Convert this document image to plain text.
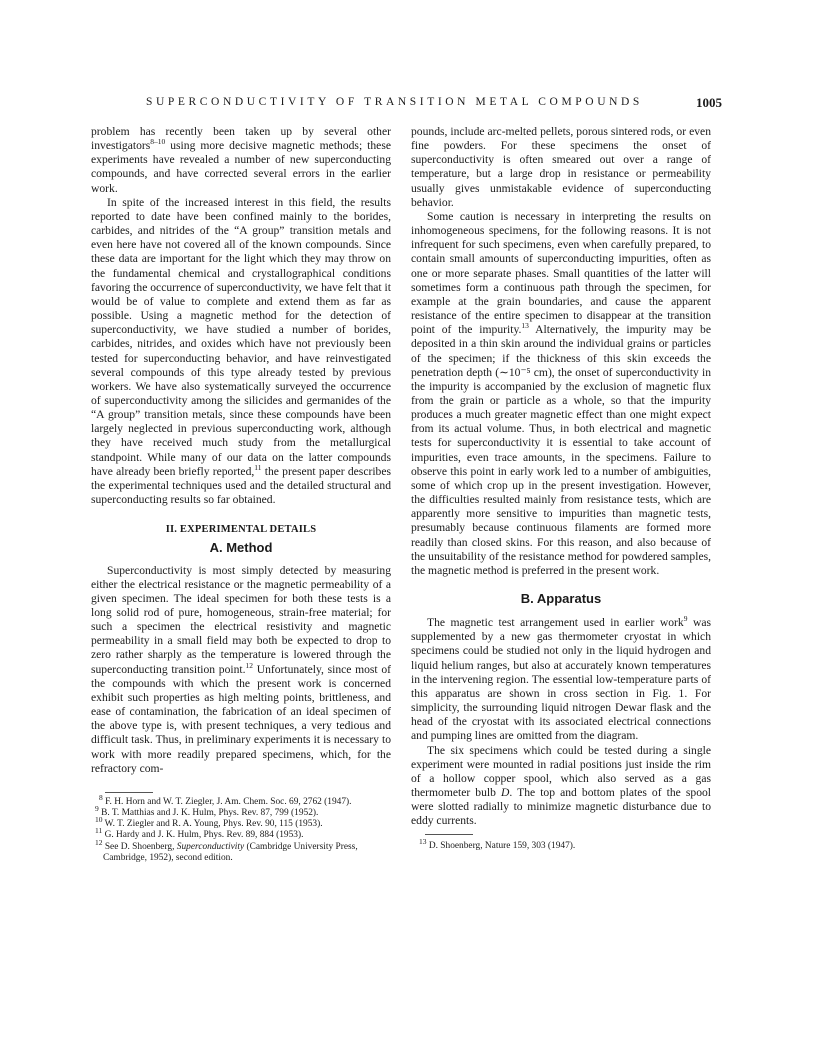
SUPERCONDUCTIVITY OF TRANSITION METAL COMPOUNDS	1005

problem has recently been taken up by several other investigators$^{8-10}$ using more decisive magnetic methods; these experiments have revealed a number of new superconducting compounds, and have corrected several errors in the earlier work.

In spite of the increased interest in this field, the results reported to date have been confined mainly to the borides, carbides, and nitrides of the “A group” transition metals and even here have not covered all of the known compounds. Since these data are important for the light which they may throw on the fundamental chemical and crystallographical conditions favoring the occurrence of superconductivity, we have felt that it would be of value to complete and extend them as far as possible. Using a magnetic method for the detection of superconductivity, we have studied a number of borides, carbides, nitrides, and oxides which have not previously been tested for superconducting behavior, and have reinvestigated several compounds of this type already tested by previous workers. We have also systematically surveyed the occurrence of superconductivity among the silicides and germanides of the “A group” transition metals, since these compounds have been largely neglected in previous superconducting work, although they have received much study from the metallurgical standpoint. While many of our data on the latter compounds have already been briefly reported,$^{11}$ the present paper describes the experimental techniques used and the detailed structural and superconducting results so far obtained.

II. EXPERIMENTAL DETAILS
A. Method

Superconductivity is most simply detected by measuring either the electrical resistance or the magnetic permeability of a given specimen. The ideal specimen for both these tests is a long solid rod of pure, homogeneous, strain-free material; for such a specimen the electrical resistivity and magnetic permeability in a small field may both be expected to drop to zero rather sharply as the temperature is lowered through the superconducting transition point.$^{12}$ Unfortunately, since most of the compounds with which the present work is concerned exhibit such properties as high melting points, brittleness, and ease of contamination, the fabrication of an ideal specimen of the above type is, with present techniques, a very tedious and difficult task. Thus, in preliminary experiments it is necessary to work with more readily prepared specimens, which, for the refractory com-

$^8$ F. H. Horn and W. T. Ziegler, J. Am. Chem. Soc. 69, 2762 (1947).
$^9$ B. T. Matthias and J. K. Hulm, Phys. Rev. 87, 799 (1952).
$^{10}$ W. T. Ziegler and R. A. Young, Phys. Rev. 90, 115 (1953).
$^{11}$ G. Hardy and J. K. Hulm, Phys. Rev. 89, 884 (1953).
$^{12}$ See D. Shoenberg, Superconductivity (Cambridge University Press, Cambridge, 1952), second edition.

pounds, include arc-melted pellets, porous sintered rods, or even fine powders. For these specimens the onset of superconductivity is often smeared out over a range of temperature, but a large drop in resistance or permeability usually gives unmistakable evidence of superconducting behavior.

Some caution is necessary in interpreting the results on inhomogeneous specimens, for the following reasons. It is not infrequent for such specimens, even when carefully prepared, to contain small amounts of superconducting impurities, often as one or more separate phases. Small quantities of the latter will sometimes form a continuous path through the specimen, for example at the grain boundaries, and cause the apparent resistance of the entire specimen to disappear at the transition point of the impurity.$^{13}$ Alternatively, the impurity may be deposited in a thin skin around the individual grains or particles of the specimen; if the thickness of this skin exceeds the penetration depth (∼10⁻⁵ cm), the onset of superconductivity in the impurity is accompanied by the exclusion of magnetic flux from the grain or particle as a whole, so that the impurity produces a much greater magnetic effect than one might expect from its actual volume. Thus, in both electrical and magnetic tests for superconductivity it is essential to take account of impurities, even trace amounts, in the specimens. Failure to observe this point in early work led to a number of ambiguities, some of which crop up in the present investigation. However, the difficulties resulted mainly from resistance tests, which are apparently more sensitive to impurities than magnetic tests, presumably because continuous filaments are formed more readily than closed skins. For this reason, and also because of the unsuitability of the resistance method for powdered samples, the magnetic method is preferred in the present work.

B. Apparatus

The magnetic test arrangement used in earlier work$^9$ was supplemented by a new gas thermometer cryostat in which specimens could be studied not only in the liquid hydrogen and liquid helium ranges, but also at accurately known temperatures in the intervening region. The essential low-temperature parts of this apparatus are shown in cross section in Fig. 1. For simplicity, the surrounding liquid nitrogen Dewar flask and the head of the cryostat with its associated electrical connections and pumping lines are omitted from the diagram.

The six specimens which could be tested during a single experiment were mounted in radial positions just inside the rim of a hollow copper spool, which also served as a gas thermometer bulb D. The top and bottom plates of the spool were slotted radially to minimize magnetic disturbance due to eddy currents.

$^{13}$ D. Shoenberg, Nature 159, 303 (1947).
